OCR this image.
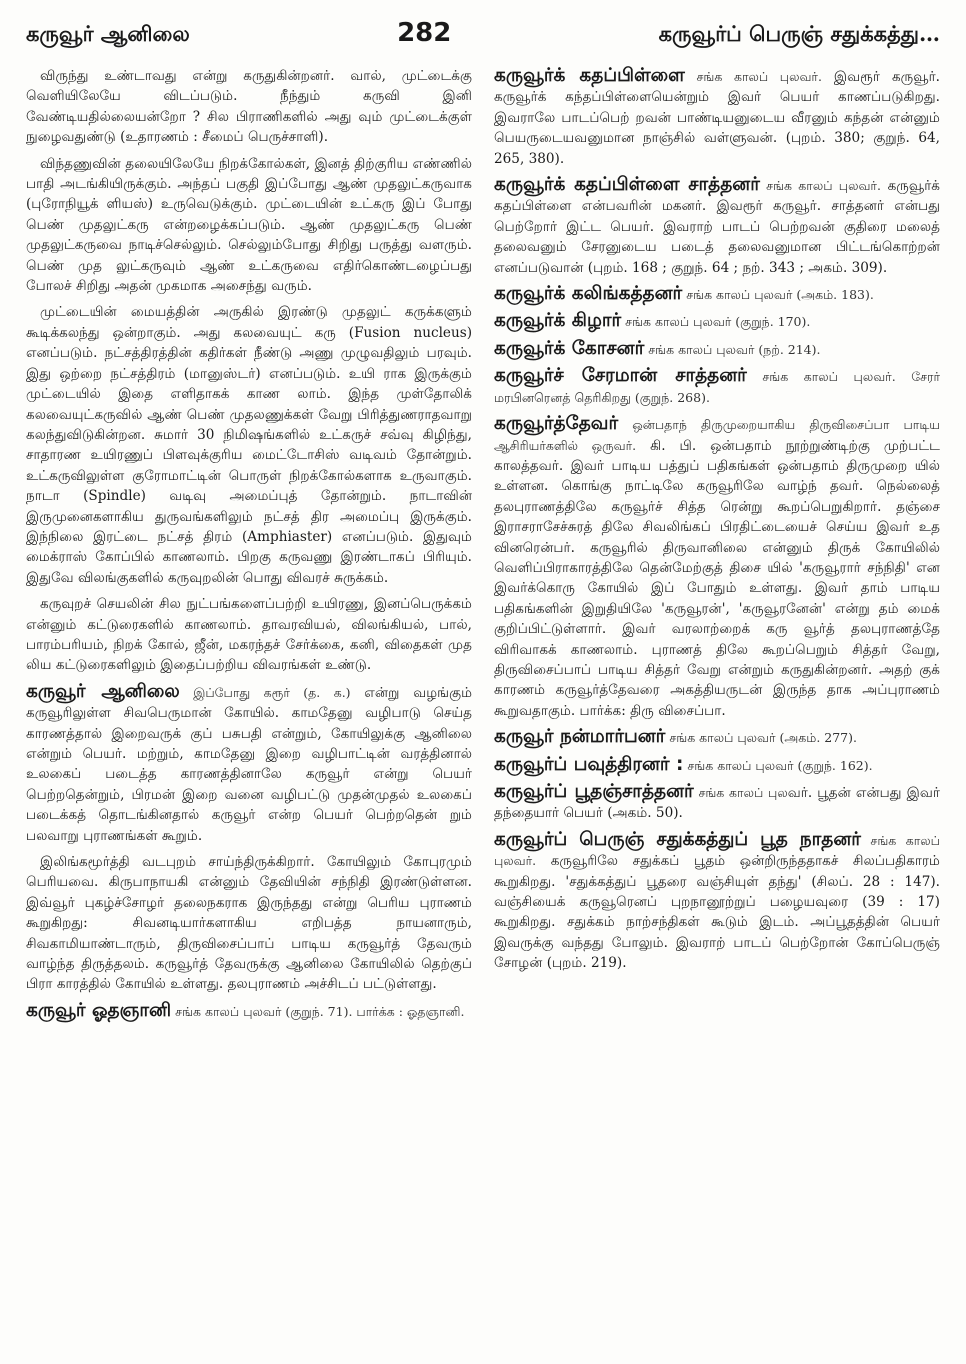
கருவூர் ஆனிலை	282	கருவூர்ப் பெருஞ் சதுக்கத்து…

விருந்து உண்டாவது என்று கருதுகின்றனர். வால், முட்டைக்கு வெளியிலேயே விடப்படும். நீந்தும் கருவி இனி வேண்டியதில்லையன்றோ ? சில பிராணிகளில் அது வும் முட்டைக்குள் நுழைவதுண்டு (உதாரணம் : சீமைப் பெருச்சாளி).

விந்தணுவின் தலையிலேயே நிறக்கோல்கள், இனத் திற்குரிய எண்ணில் பாதி அடங்கியிருக்கும். அந்தப் பகுதி இப்போது ஆண் முதலுட்கருவாக (புரோநியூக் ளியஸ்) உருவெடுக்கும். முட்டையின் உட்கரு இப் போது பெண் முதலுட்கரு என்றழைக்கப்படும். ஆண் முதலுட்கரு பெண் முதலுட்கருவை நாடிச்செல்லும். செல்லும்போது சிறிது பருத்து வளரும். பெண் முத லுட்கருவும் ஆண் உட்கருவை எதிர்கொண்டழைப்பது போலச் சிறிது அதன் முகமாக அசைந்து வரும்.

முட்டையின் மையத்தின் அருகில் இரண்டு முதலுட் கருக்களும் கூடிக்கலந்து ஒன்றாகும். அது கலவையுட் கரு (Fusion nucleus) எனப்படும். நட்சத்திரத்தின் கதிர்கள் நீண்டு அணு முழுவதிலும் பரவும். இது ஒற்றை நட்சத்திரம் (மானுஸ்டர்) எனப்படும். உயி ராக இருக்கும் முட்டையில் இதை எளிதாகக் காண லாம். இந்த முள்தோலிக் கலவையுட்கருவில் ஆண் பெண் முதலணுக்கள் வேறு பிரித்துணராதவாறு கலந்துவிடுகின்றன. சுமார் 30 நிமிஷங்களில் உட்கருச் சவ்வு கிழிந்து, சாதாரண உயிரணுப் பிளவுக்குரிய மைட்டோசிஸ் வடிவம் தோன்றும். உட்கருவிலுள்ள குரோமாட்டின் பொருள் நிறக்கோல்களாக உருவாகும். நாடா (Spindle) வடிவு அமைப்புத் தோன்றும். நாடாவின் இருமுனைகளாகிய துருவங்களிலும் நட்சத் திர அமைப்பு இருக்கும். இந்நிலை இரட்டை நட்சத் திரம் (Amphiaster) எனப்படும். இதுவும் மைக்ராஸ் கோப்பில் காணலாம். பிறகு கருவணு இரண்டாகப் பிரியும். இதுவே விலங்குகளில் கருவுறலின் பொது விவரச் சுருக்கம்.

கருவுறச் செயலின் சில நுட்பங்களைப்பற்றி உயிரணு, இனப்பெருக்கம் என்னும் கட்டுரைகளில் காணலாம். தாவரவியல், விலங்கியல், பால், பாரம்பரியம், நிறக் கோல், ஜீன், மகரந்தச் சேர்க்கை, கனி, விதைகள் முத லிய கட்டுரைகளிலும் இதைப்பற்றிய விவரங்கள் உண்டு.

கருவூர் ஆனிலை இப்போது கரூர் (த. க.) என்று வழங்கும் கருவூரிலுள்ள சிவபெருமான் கோயில். காமதேனு வழிபாடு செய்த காரணத்தால் இறைவருக் குப் பசுபதி என்றும், கோயிலுக்கு ஆனிலை என்றும் பெயர். மற்றும், காமதேனு இறை வழிபாட்டின் வரத்தினால் உலகைப் படைத்த காரணத்தினாலே கருவூர் என்று பெயர் பெற்றதென்றும், பிரமன் இறை வனை வழிபட்டு முதன்முதல் உலகைப் படைக்கத் தொடங்கினதால் கருவூர் என்ற பெயர் பெற்றதென் றும் பலவாறு புராணங்கள் கூறும்.

இலிங்கமூர்த்தி வடபுறம் சாய்ந்திருக்கிறார். கோயிலும் கோபுரமும் பெரியவை. கிருபாநாயகி என்னும் தேவியின் சந்நிதி இரண்டுள்ளன. இவ்வூர் புகழ்ச்சோழர் தலைநகராக இருந்தது என்று பெரிய புராணம் கூறுகிறது: சிவனடியார்களாகிய எறிபத்த நாயனாரும், சிவகாமியாண்டாரும், திருவிசைப்பாப் பாடிய கருவூர்த் தேவரும் வாழ்ந்த திருத்தலம். கருவூர்த் தேவருக்கு ஆனிலை கோயிலில் தெற்குப் பிரா காரத்தில் கோயில் உள்ளது. தலபுராணம் அச்சிடப் பட்டுள்ளது.

கருவூர் ஓதஞானி சங்க காலப் புலவர் (குறுந். 71). பார்க்க : ஓதஞானி.

கருவூர்க் கதப்பிள்ளை சங்க காலப் புலவர். இவரூர் கருவூர். கருவூர்க் கந்தப்பிள்ளையென்றும் இவர் பெயர் காணப்படுகிறது. இவராலே பாடப்பெற் றவன் பாண்டியனுடைய வீரனும் கந்தன் என்னும் பெயருடையவனுமான நாஞ்சில் வள்ளுவன். (புறம். 380; குறுந். 64, 265, 380).

கருவூர்க் கதப்பிள்ளை சாத்தனர் சங்க காலப் புலவர். கருவூர்க் கதப்பிள்ளை என்பவரின் மகனர். இவரூர் கருவூர். சாத்தனர் என்பது பெற்றோர் இட்ட பெயர். இவராற் பாடப் பெற்றவன் குதிரை மலைத் தலைவனும் சேரனுடைய படைத் தலைவனுமான பிட்டங்கொற்றன் எனப்படுவான் (புறம். 168 ; குறுந். 64 ; நற். 343 ; அகம். 309).

கருவூர்க் கலிங்கத்தனர் சங்க காலப் புலவர் (அகம். 183).

கருவூர்க் கிழார் சங்க காலப் புலவர் (குறுந். 170).

கருவூர்க் கோசனர் சங்க காலப் புலவர் (நற். 214).

கருவூர்ச் சேரமான் சாத்தனர் சங்க காலப் புலவர். சேரர் மரபினரெனத் தெரிகிறது (குறுந். 268).

கருவூர்த்தேவர் ஒன்பதாந் திருமுறையாகிய திருவிசைப்பா பாடிய ஆசிரியர்களில் ஒருவர். கி. பி. ஒன்பதாம் நூற்றுண்டிற்கு முற்பட்ட காலத்தவர். இவர் பாடிய பத்துப் பதிகங்கள் ஒன்பதாம் திருமுறை யில் உள்ளன. கொங்கு நாட்டிலே கருவூரிலே வாழ்ந் தவர். நெல்லைத் தலபுராணத்திலே கருவூர்ச் சித்த ரென்று கூறப்பெறுகிறார். தஞ்சை இராசராசேச்சுரத் திலே சிவலிங்கப் பிரதிட்டையைச் செய்ய இவர் உத வினரென்பர். கருவூரில் திருவானிலை என்னும் திருக் கோயிலில் வெளிப்பிராகாரத்திலே தென்மேற்குத் திசை யில் 'கருவூரார் சந்நிதி' என இவர்க்கொரு கோயில் இப் போதும் உள்ளது. இவர் தாம் பாடிய பதிகங்களின் இறுதியிலே 'கருவூரன்', 'கருவூரனேன்' என்று தம் மைக் குறிப்பிட்டுள்ளார். இவர் வரலாற்றைக் கரு வூர்த் தலபுராணத்தே விரிவாகக் காணலாம். புராணத் திலே கூறப்பெறும் சித்தர் வேறு, திருவிசைப்பாப் பாடிய சித்தர் வேறு என்றும் கருதுகின்றனர். அதற் குக் காரணம் கருவூர்த்தேவரை அகத்தியருடன் இருந்த தாக அப்புராணம் கூறுவதாகும். பார்க்க: திரு விசைப்பா.

கருவூர் நன்மார்பனர் சங்க காலப் புலவர் (அகம். 277).

கருவூர்ப் பவுத்திரனர் : சங்க காலப் புலவர் (குறுந். 162).

கருவூர்ப் பூதஞ்சாத்தனர் சங்க காலப் புலவர். பூதன் என்பது இவர் தந்தையார் பெயர் (அகம். 50).

கருவூர்ப் பெருஞ் சதுக்கத்துப் பூத நாதனர் சங்க காலப் புலவர். கருவூரிலே சதுக்கப் பூதம் ஒன்றிருந்ததாகச் சிலப்பதிகாரம் கூறுகிறது. 'சதுக்கத்துப் பூதரை வஞ்சியுள் தந்து' (சிலப். 28 : 147). வஞ்சியைக் கருவூரெனப் புறநானூற்றுப் பழையவுரை (39 : 17) கூறுகிறது. சதுக்கம் நாற்சந்திகள் கூடும் இடம். அப்பூதத்தின் பெயர் இவருக்கு வந்தது போலும். இவராற் பாடப் பெற்றோன் கோப்பெருஞ் சோழன் (புறம். 219).
